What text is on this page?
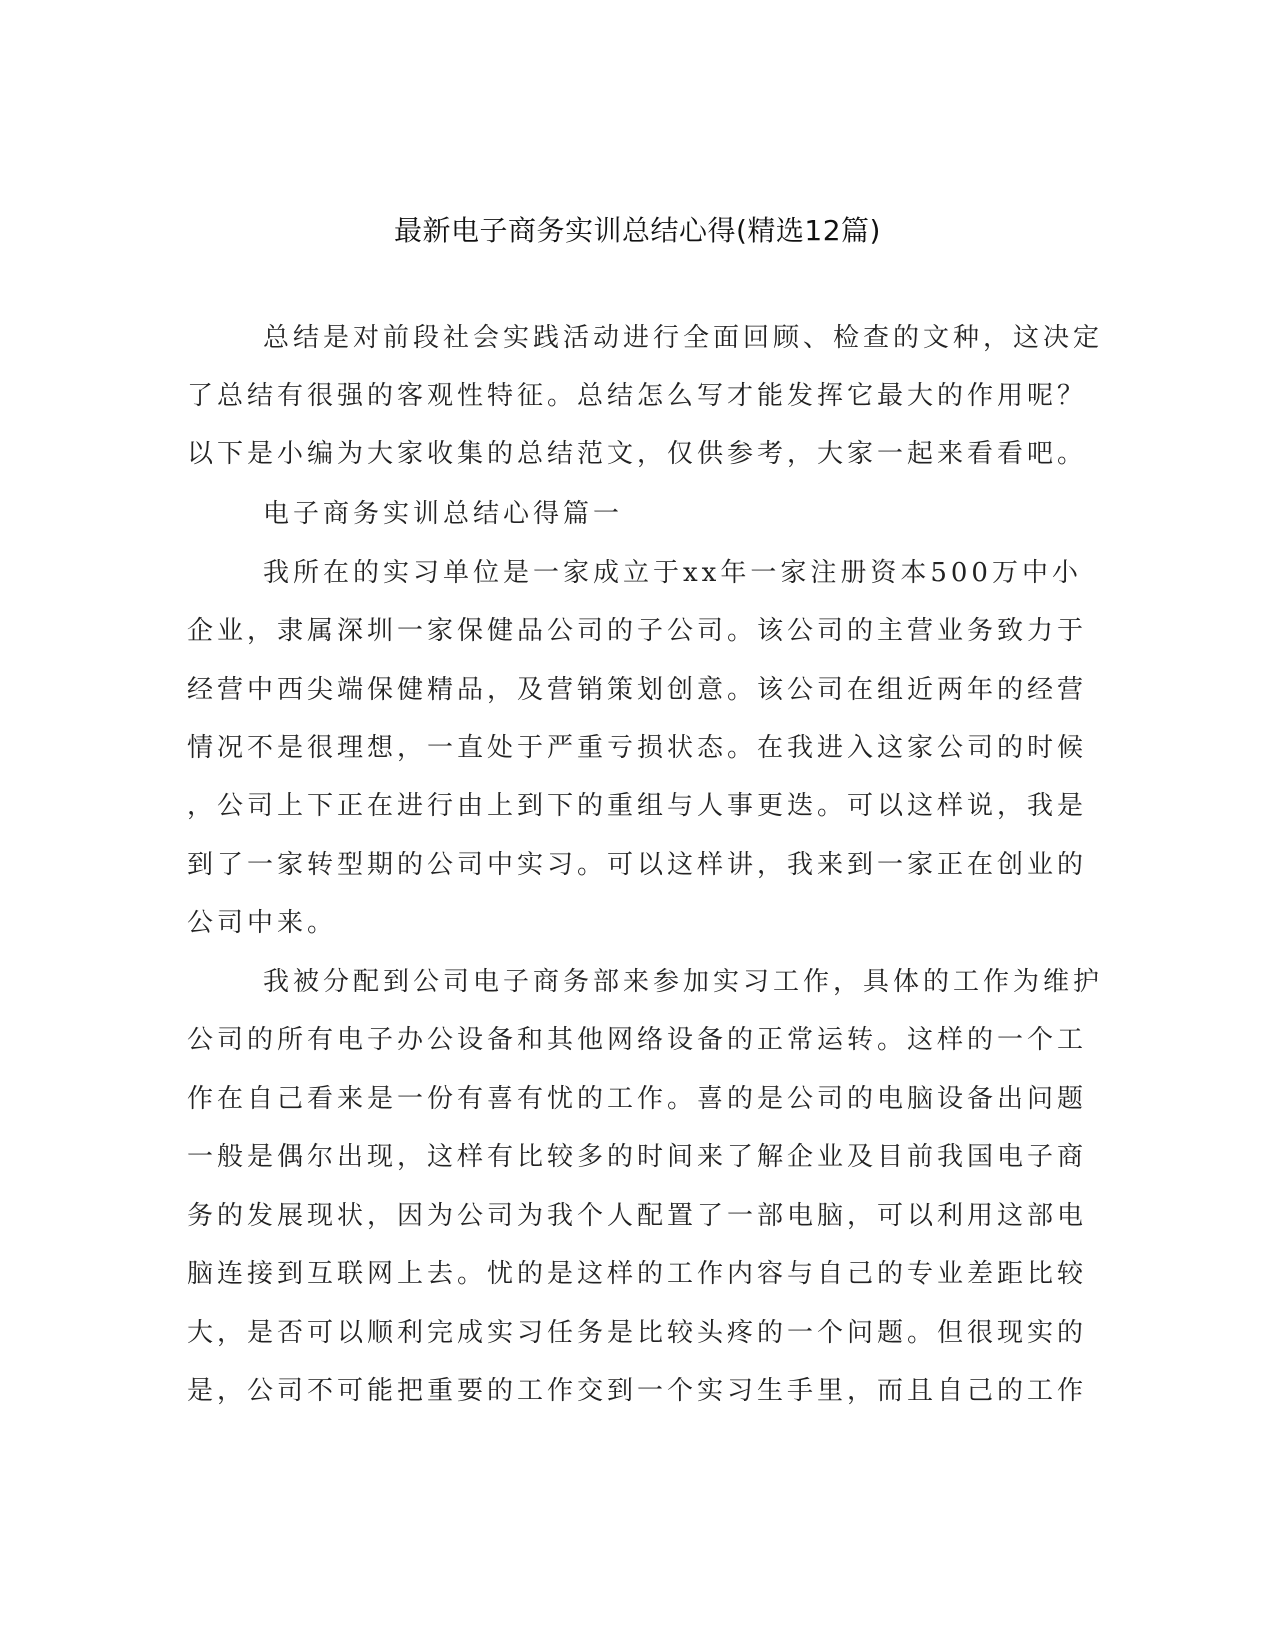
最新电子商务实训总结心得(精选12篇)
总结是对前段社会实践活动进行全面回顾、检查的文种，这决定
了总结有很强的客观性特征。总结怎么写才能发挥它最大的作用呢？
以下是小编为大家收集的总结范文，仅供参考，大家一起来看看吧。
电子商务实训总结心得篇一
我所在的实习单位是一家成立于xx年一家注册资本500万中小
企业，隶属深圳一家保健品公司的子公司。该公司的主营业务致力于
经营中西尖端保健精品，及营销策划创意。该公司在组近两年的经营
情况不是很理想，一直处于严重亏损状态。在我进入这家公司的时候
，公司上下正在进行由上到下的重组与人事更迭。可以这样说，我是
到了一家转型期的公司中实习。可以这样讲，我来到一家正在创业的
公司中来。
我被分配到公司电子商务部来参加实习工作，具体的工作为维护
公司的所有电子办公设备和其他网络设备的正常运转。这样的一个工
作在自己看来是一份有喜有忧的工作。喜的是公司的电脑设备出问题
一般是偶尔出现，这样有比较多的时间来了解企业及目前我国电子商
务的发展现状，因为公司为我个人配置了一部电脑，可以利用这部电
脑连接到互联网上去。忧的是这样的工作内容与自己的专业差距比较
大，是否可以顺利完成实习任务是比较头疼的一个问题。但很现实的
是，公司不可能把重要的工作交到一个实习生手里，而且自己的工作
